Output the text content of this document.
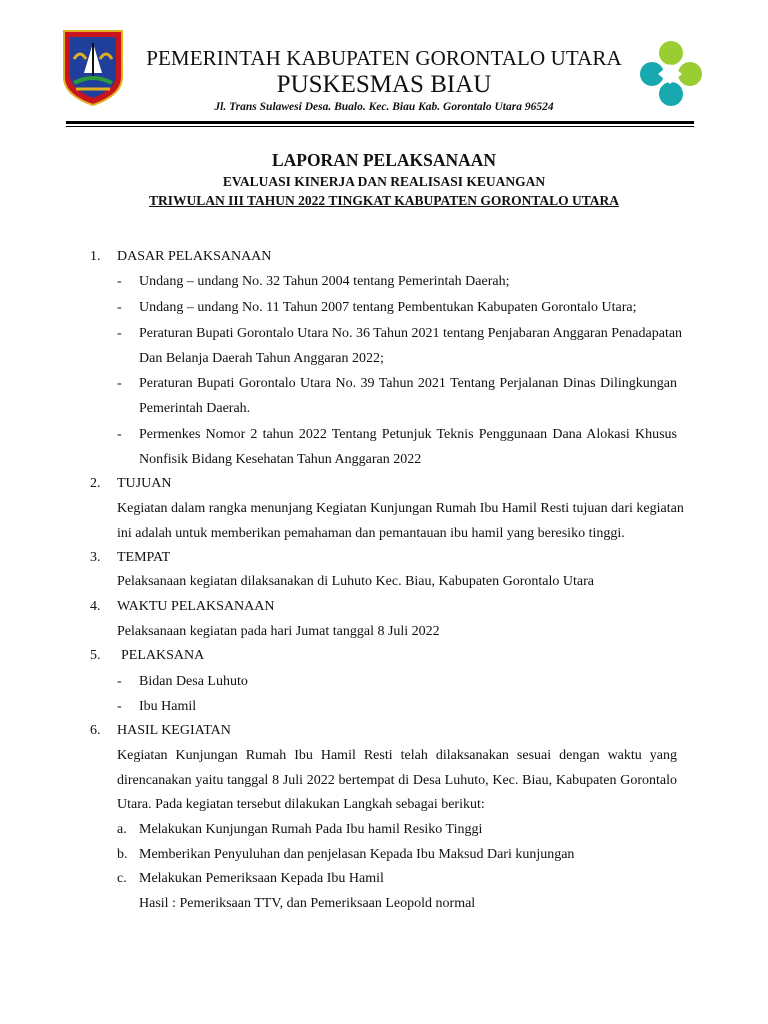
PEMERINTAH KABUPATEN GORONTALO UTARA
PUSKESMAS BIAU
Jl. Trans Sulawesi Desa. Bualo. Kec. Biau Kab. Gorontalo Utara 96524
LAPORAN PELAKSANAAN
EVALUASI KINERJA DAN REALISASI KEUANGAN
TRIWULAN III TAHUN 2022 TINGKAT KABUPATEN GORONTALO UTARA
1. DASAR PELAKSANAAN
- Undang – undang No. 32 Tahun 2004 tentang Pemerintah Daerah;
- Undang – undang No. 11 Tahun 2007 tentang Pembentukan Kabupaten Gorontalo Utara;
- Peraturan Bupati Gorontalo Utara No. 36 Tahun 2021 tentang Penjabaran Anggaran Penadapatan
Dan Belanja Daerah Tahun Anggaran 2022;
- Peraturan Bupati Gorontalo Utara No. 39 Tahun 2021 Tentang Perjalanan Dinas Dilingkungan
Pemerintah Daerah.
- Permenkes Nomor 2 tahun 2022 Tentang Petunjuk Teknis Penggunaan Dana Alokasi Khusus
Nonfisik Bidang Kesehatan Tahun Anggaran 2022
2. TUJUAN
Kegiatan dalam rangka menunjang Kegiatan Kunjungan Rumah Ibu Hamil Resti tujuan dari kegiatan
ini adalah untuk memberikan pemahaman dan pemantauan ibu hamil yang beresiko tinggi.
3. TEMPAT
Pelaksanaan kegiatan dilaksanakan di Luhuto Kec. Biau, Kabupaten Gorontalo Utara
4. WAKTU PELAKSANAAN
Pelaksanaan kegiatan pada hari Jumat tanggal 8 Juli 2022
5. PELAKSANA
- Bidan Desa Luhuto
- Ibu Hamil
6. HASIL KEGIATAN
Kegiatan Kunjungan Rumah Ibu Hamil Resti telah dilaksanakan sesuai dengan waktu yang
direncanakan yaitu tanggal 8 Juli 2022 bertempat di Desa Luhuto, Kec. Biau, Kabupaten Gorontalo
Utara. Pada kegiatan tersebut dilakukan Langkah sebagai berikut:
a. Melakukan Kunjungan Rumah Pada Ibu hamil Resiko Tinggi
b. Memberikan Penyuluhan dan penjelasan Kepada Ibu Maksud Dari kunjungan
c. Melakukan Pemeriksaan Kepada Ibu Hamil
Hasil : Pemeriksaan TTV, dan Pemeriksaan Leopold normal
